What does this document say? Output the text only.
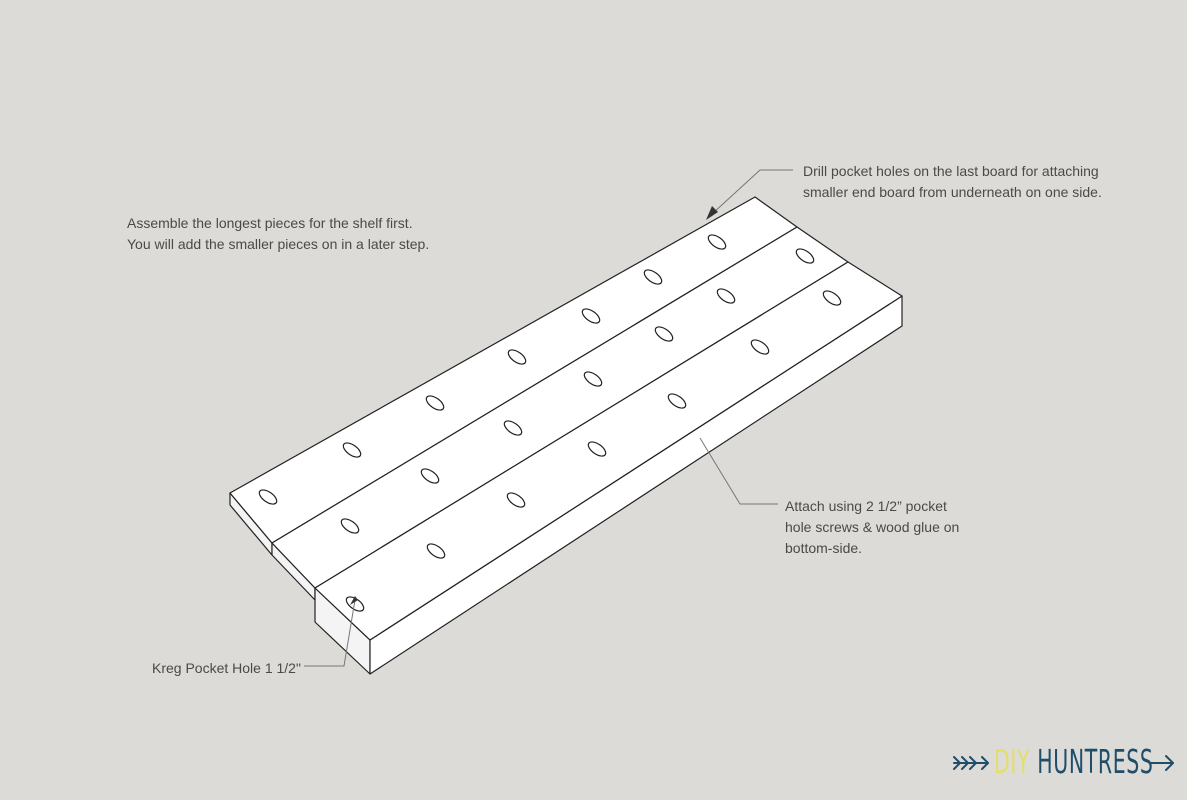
Assemble the longest pieces for the shelf first.
You will add the smaller pieces on in a later step.
Drill pocket holes on the last board for attaching
smaller end board from underneath on one side.
Attach using 2 1/2” pocket
hole screws & wood glue on
bottom-side.
Kreg Pocket Hole 1 1/2"
DIY HUNTRESS
